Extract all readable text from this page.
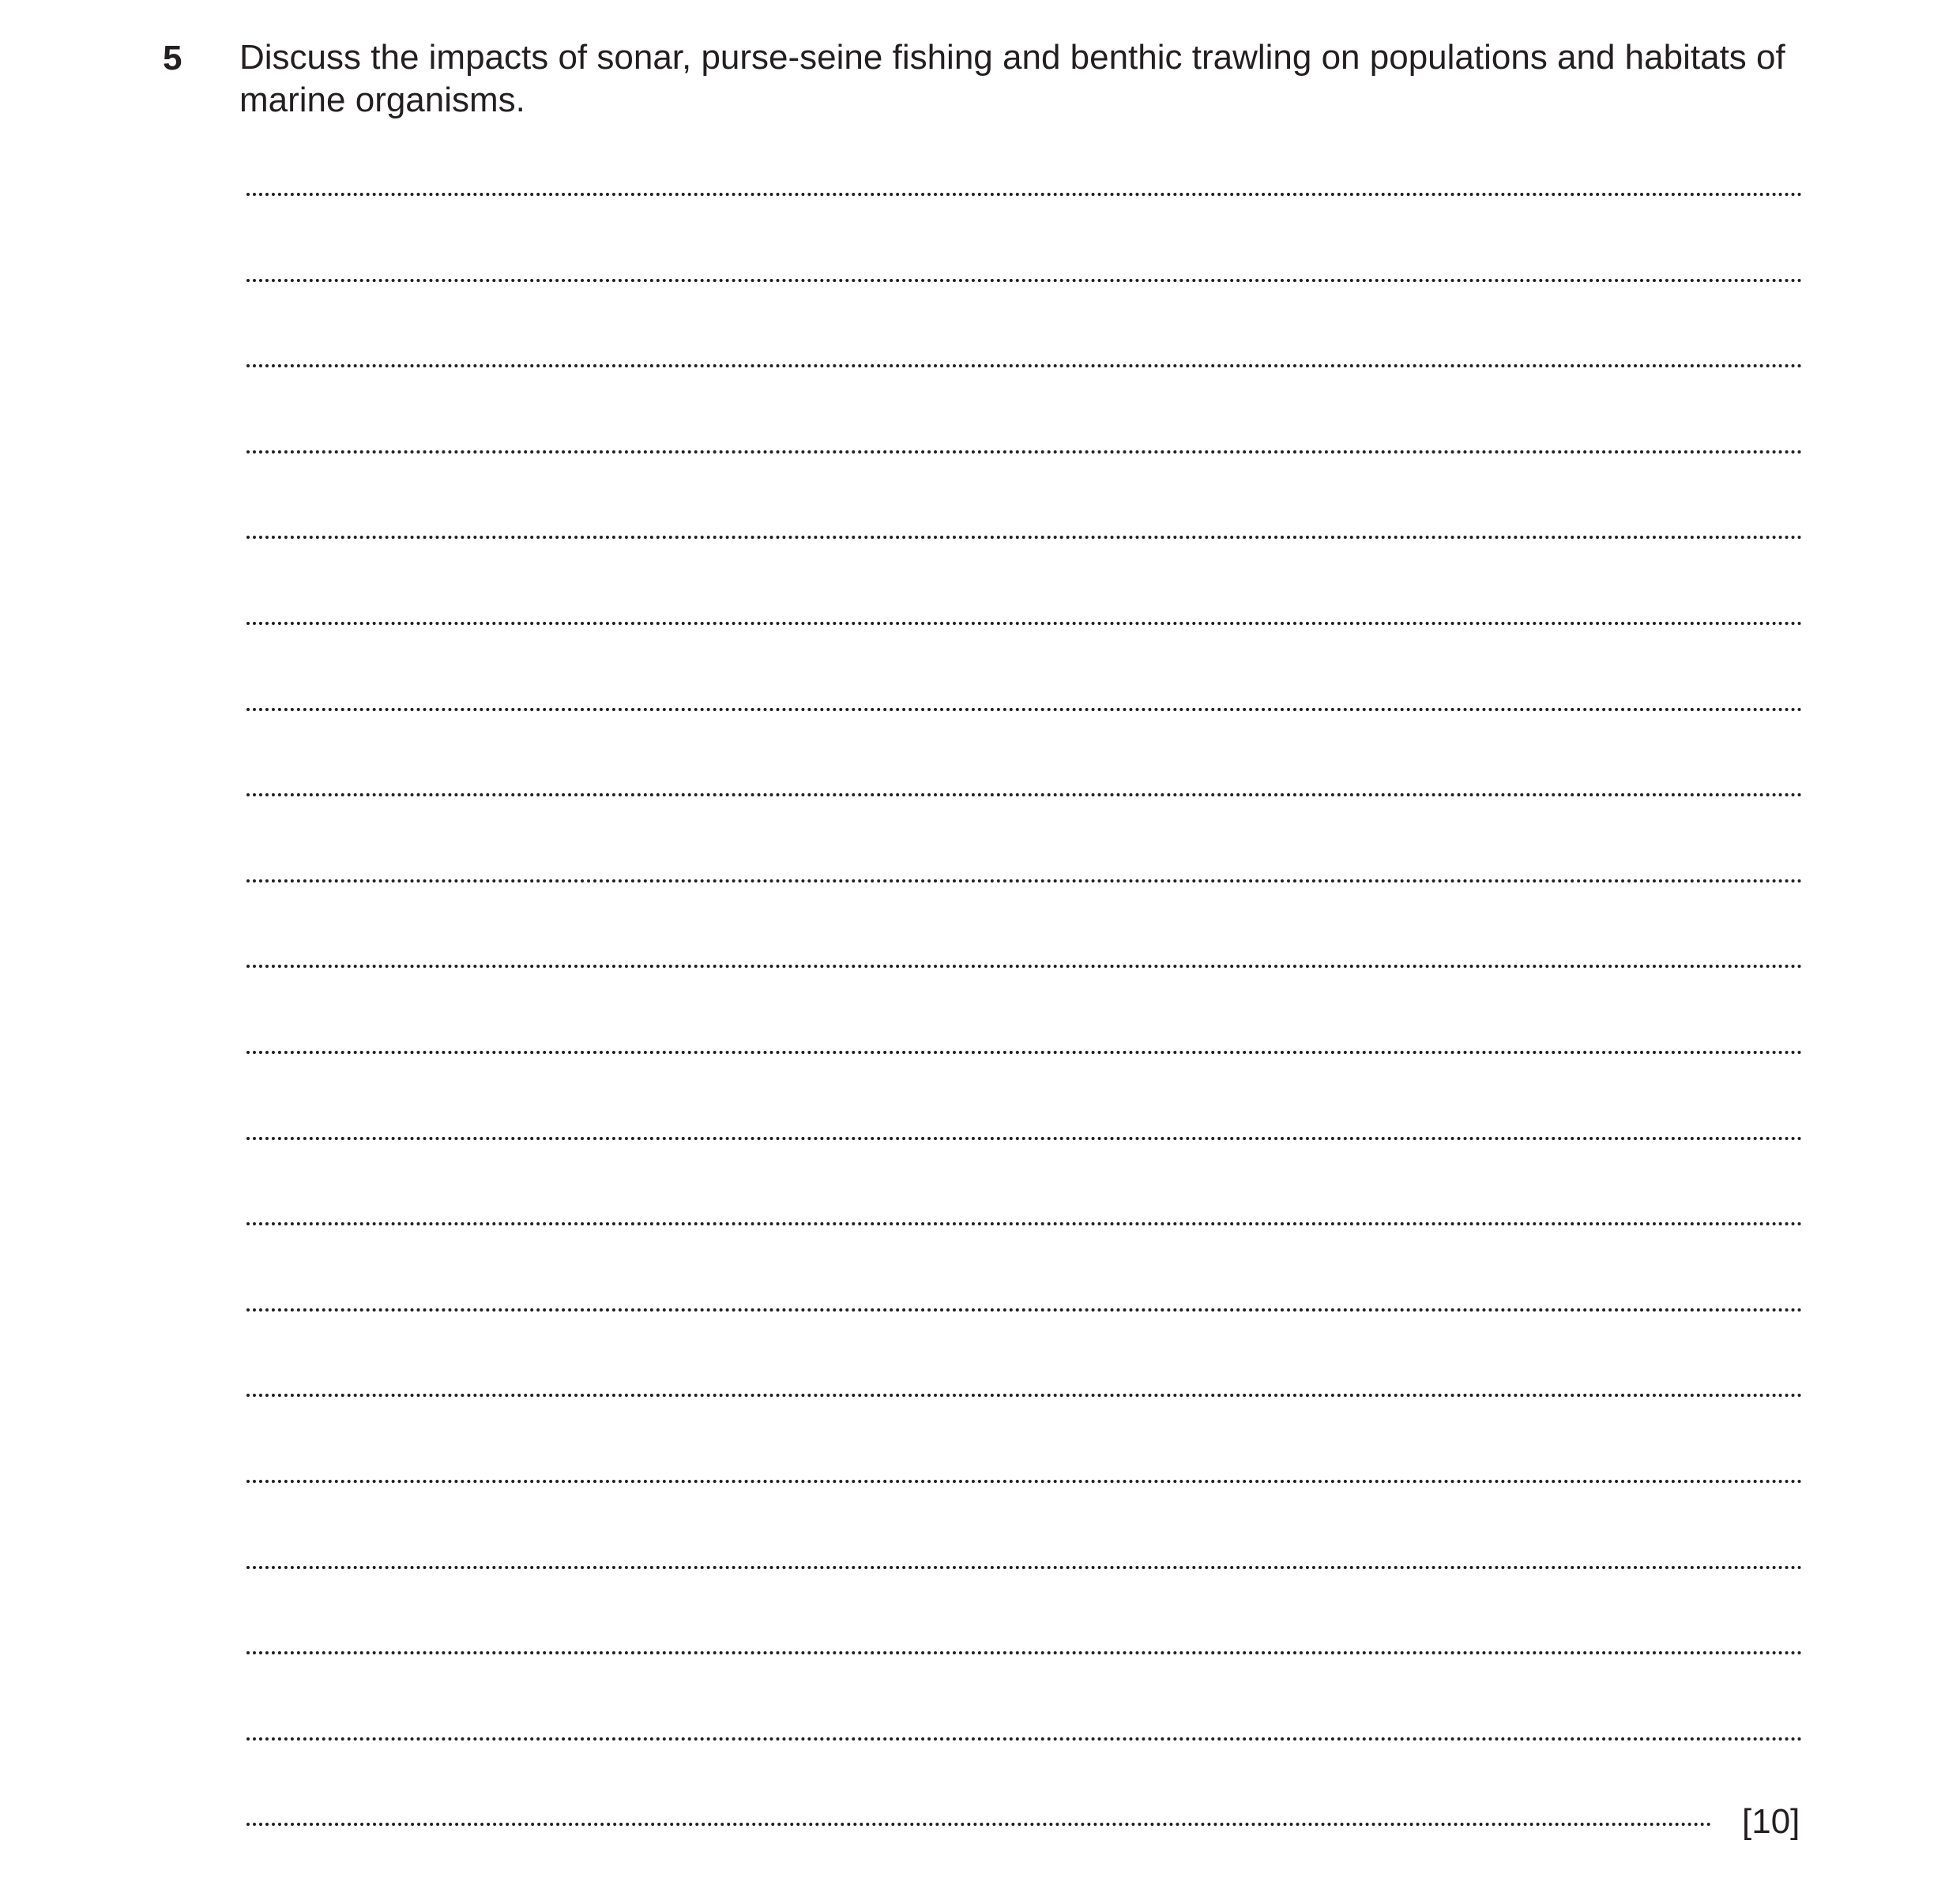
5 Discuss the impacts of sonar, purse-seine fishing and benthic trawling on populations and habitats of marine organisms.
[10]
